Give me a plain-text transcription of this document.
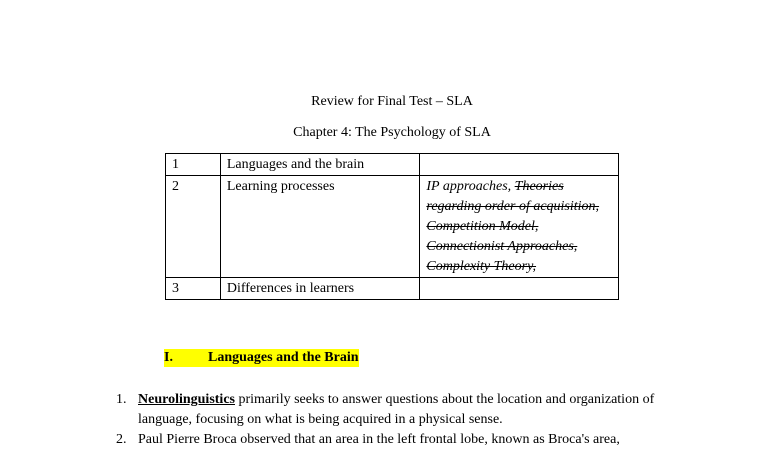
Review for Final Test – SLA
Chapter 4: The Psychology of SLA
1	Languages and the brain	
2	Learning processes	IP approaches, Theories regarding order of acquisition, Competition Model, Connectionist Approaches, Complexity Theory,
3	Differences in learners	
I.	Languages and the Brain
1. Neurolinguistics primarily seeks to answer questions about the location and organization of language, focusing on what is being acquired in a physical sense.
2. Paul Pierre Broca observed that an area in the left frontal lobe, known as Broca's area,
